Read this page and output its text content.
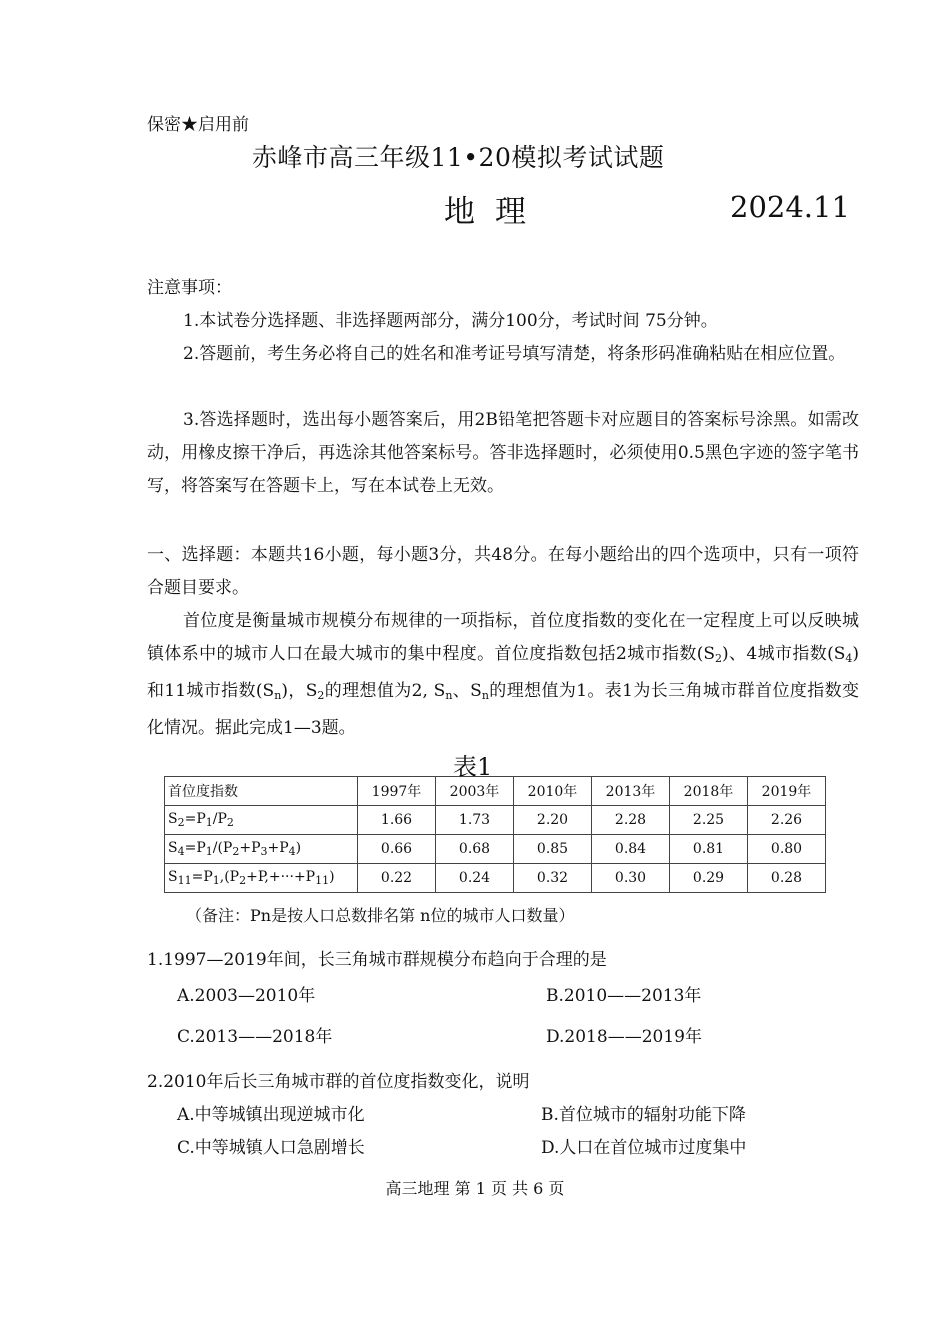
保密★启用前
赤峰市高三年级11•20模拟考试试题
地 理	2024.11
注意事项：
1.本试卷分选择题、非选择题两部分，满分100分，考试时间 75分钟。
2.答题前，考生务必将自己的姓名和准考证号填写清楚，将条形码准确粘贴在相应位置。
3.答选择题时，选出每小题答案后，用2B铅笔把答题卡对应题目的答案标号涂黑。如需改动，用橡皮擦干净后，再选涂其他答案标号。答非选择题时，必须使用0.5黑色字迹的签字笔书写，将答案写在答题卡上，写在本试卷上无效。
一、选择题：本题共16小题，每小题3分，共48分。在每小题给出的四个选项中，只有一项符合题目要求。
首位度是衡量城市规模分布规律的一项指标，首位度指数的变化在一定程度上可以反映城镇体系中的城市人口在最大城市的集中程度。首位度指数包括2城市指数$(S_2)$、4城市指数$(S_4)$和11城市指数$(S_n)$，$S_2$的理想值为2, $S_n$、$S_n$的理想值为1。表1为长三角城市群首位度指数变化情况。据此完成1—3题。
表1
首位度指数	1997年	2003年	2010年	2013年	2018年	2019年
$S_2=P_1/P_2$	1.66	1.73	2.20	2.28	2.25	2.26
$S_4=P_1/(P_2+P_3+P_4)$	0.66	0.68	0.85	0.84	0.81	0.80
$S_{11}=P_1,(P_2+P,+\cdot\cdot\cdot+P_{11})$	0.22	0.24	0.32	0.30	0.29	0.28
（备注：Pn是按人口总数排名第 n位的城市人口数量）
1.1997—2019年间，长三角城市群规模分布趋向于合理的是
A.2003—2010年	B.2010——2013年
C.2013——2018年	D.2018——2019年
2.2010年后长三角城市群的首位度指数变化，说明
A.中等城镇出现逆城市化	B.首位城市的辐射功能下降
C.中等城镇人口急剧增长	D.人口在首位城市过度集中
高三地理 第 1 页 共 6 页
